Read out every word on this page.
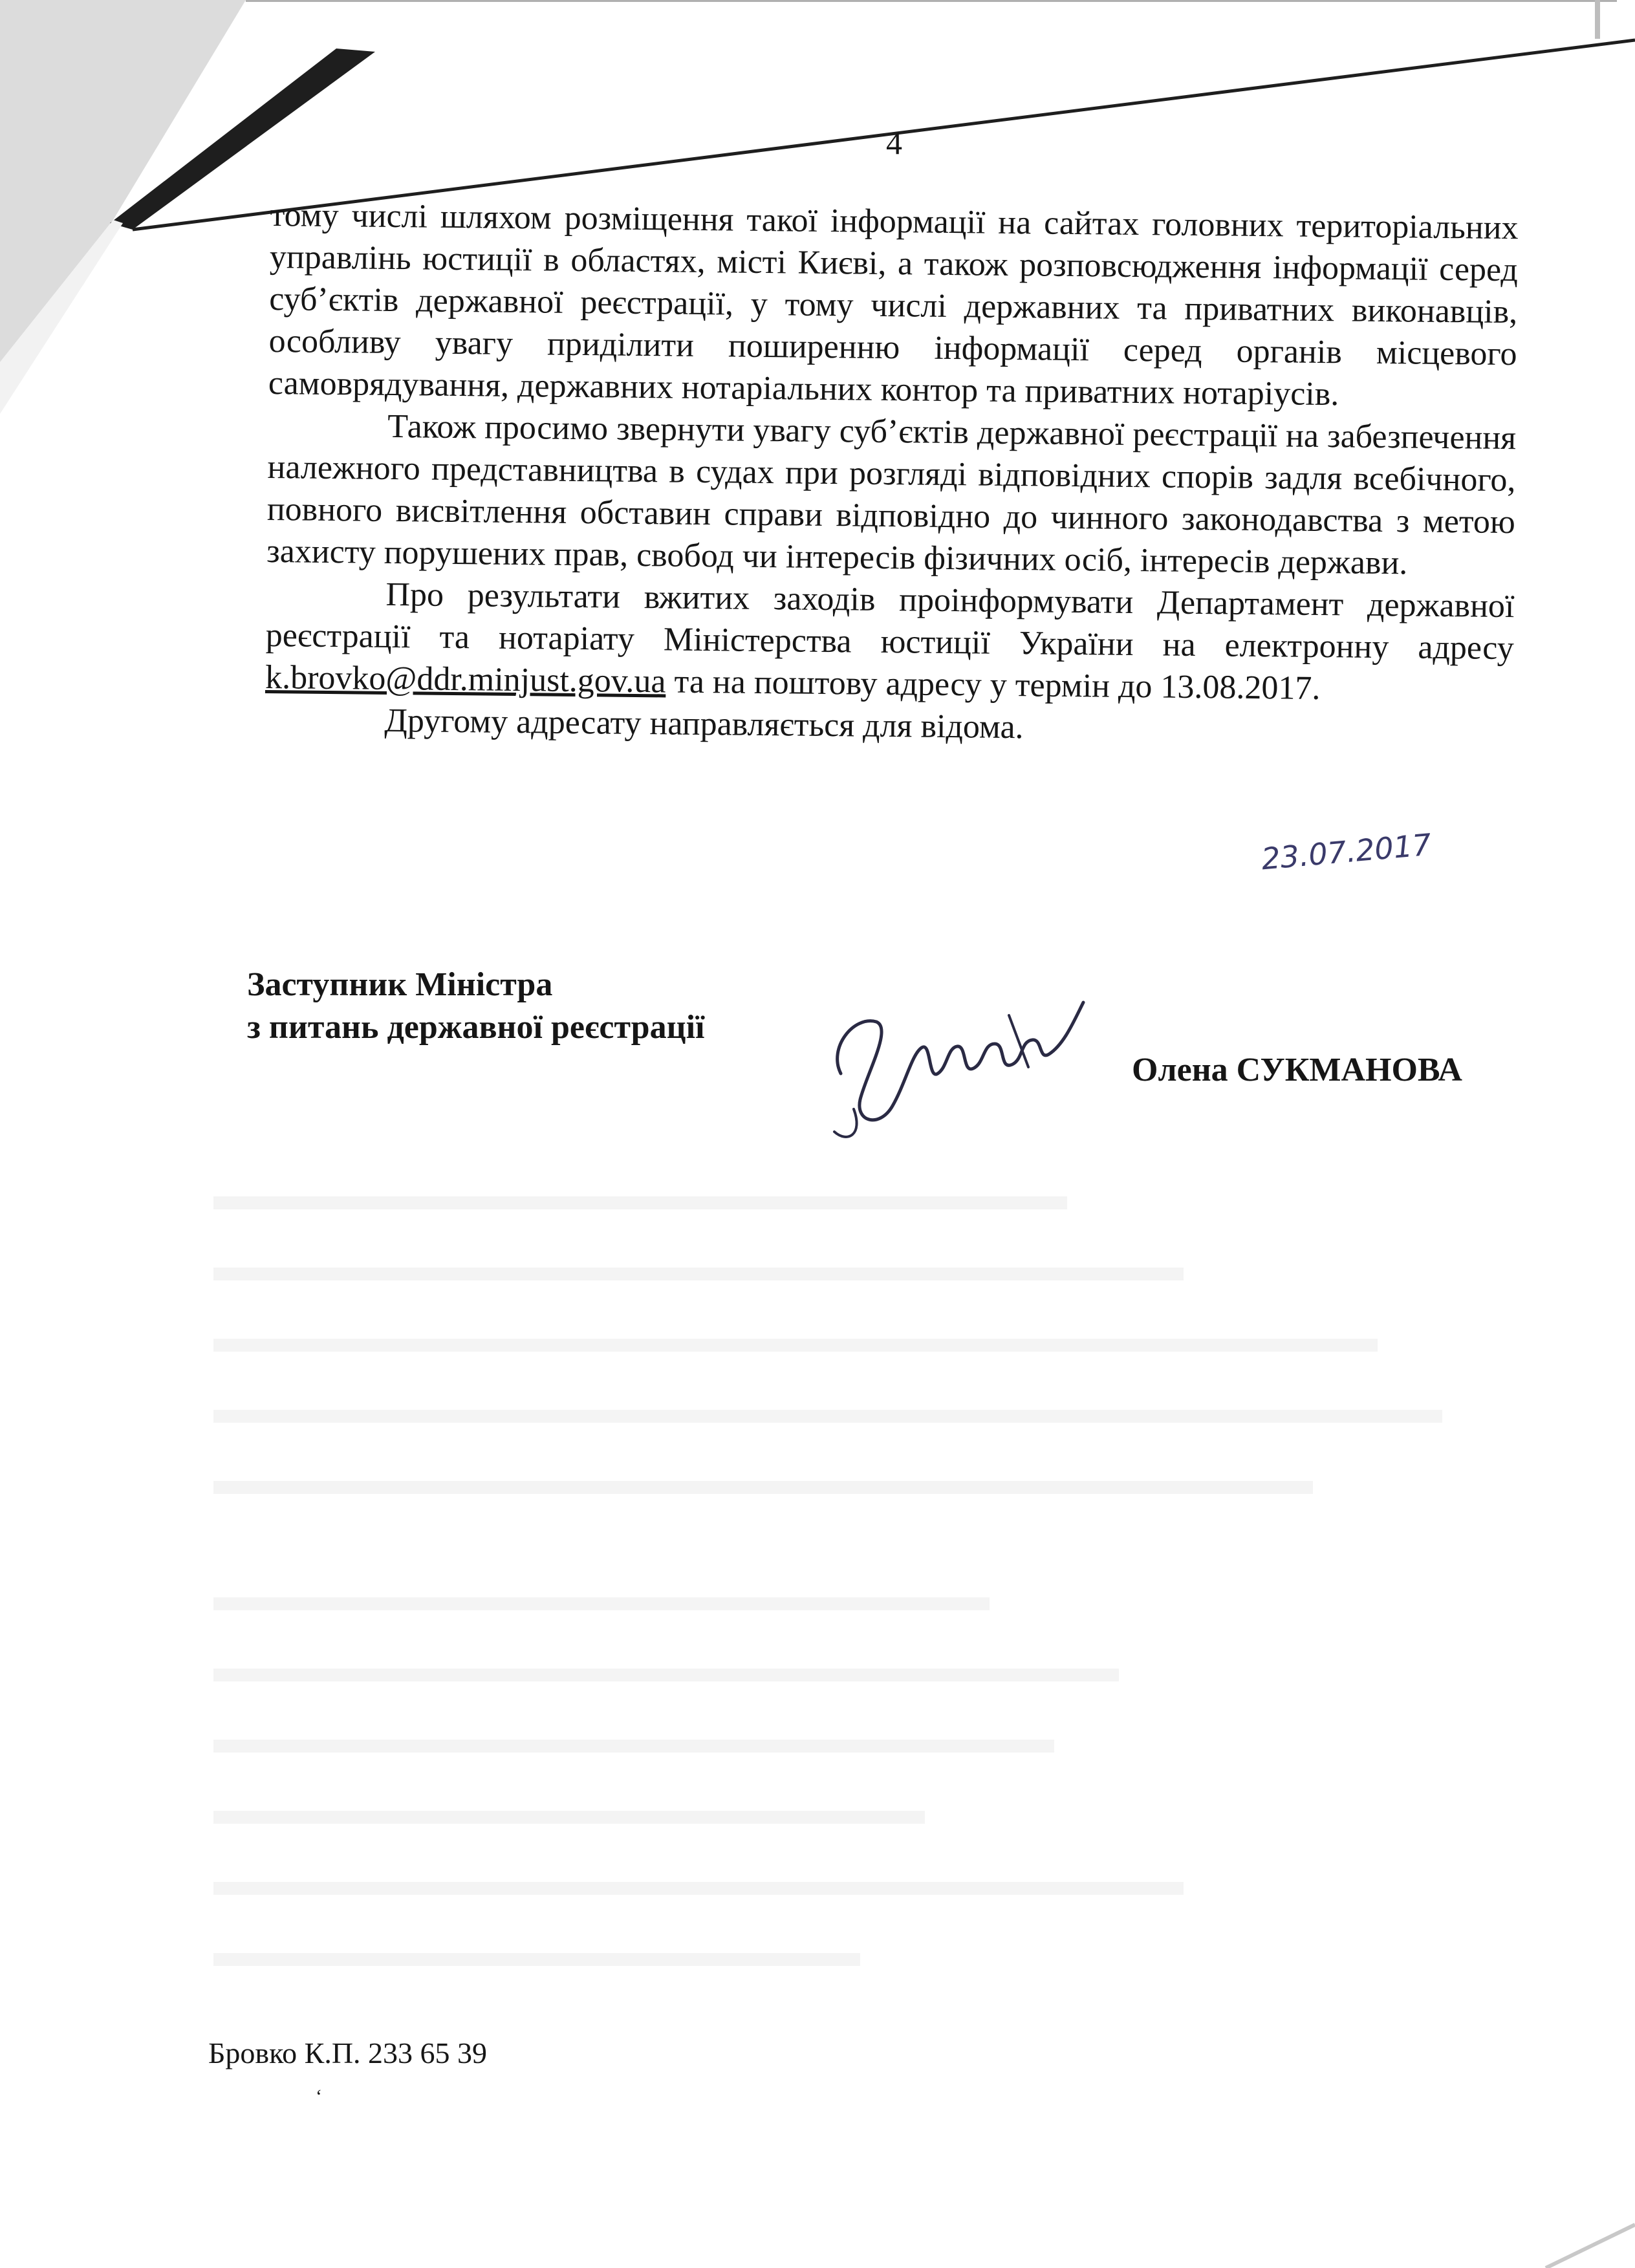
4

тому числі шляхом розміщення такої інформації на сайтах головних територіальних управлінь юстиції в областях, місті Києві, а також розповсюдження інформації серед суб’єктів державної реєстрації, у тому числі державних та приватних виконавців, особливу увагу приділити поширенню інформації серед органів місцевого самоврядування, державних нотаріальних контор та приватних нотаріусів.

Також просимо звернути увагу суб’єктів державної реєстрації на забезпечення належного представництва в судах при розгляді відповідних спорів задля всебічного, повного висвітлення обставин справи відповідно до чинного законодавства з метою захисту порушених прав, свобод чи інтересів фізичних осіб, інтересів держави.

Про результати вжитих заходів проінформувати Департамент державної реєстрації та нотаріату Міністерства юстиції України на електронну адресу k.brovko@ddr.minjust.gov.ua та на поштову адресу у термін до 13.08.2017.

Другому адресату направляється для відома.

23.07.2017
Заступник Міністра
з питань державної реєстрації
Олена СУКМАНОВА
Бровко К.П. 233 65 39
ʻ
